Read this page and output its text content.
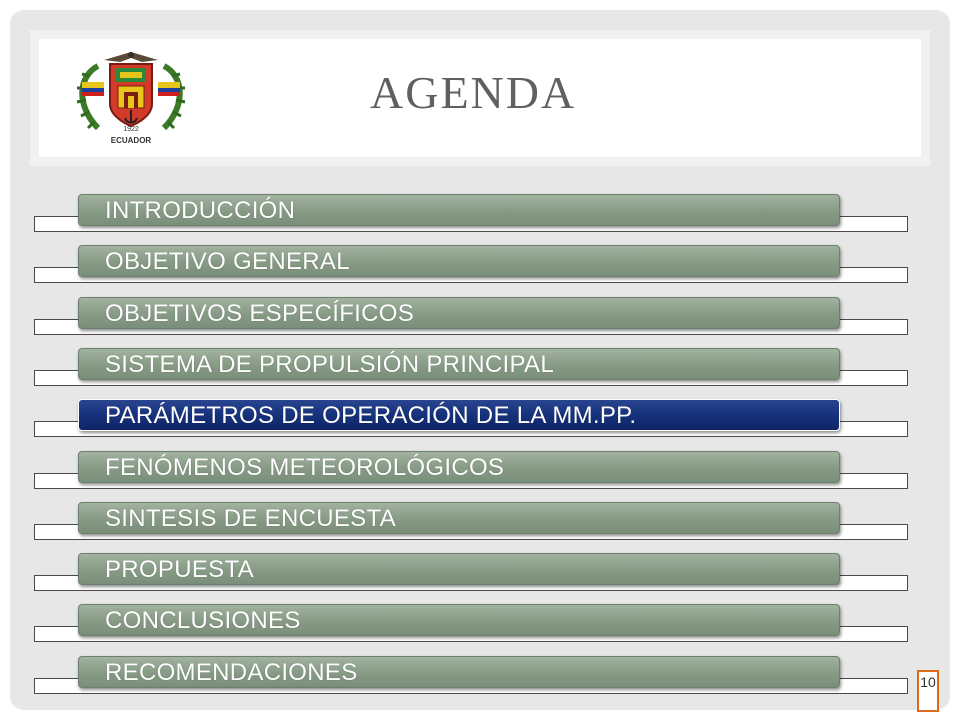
1922
ECUADOR
AGENDA
INTRODUCCIÓN
OBJETIVO GENERAL
OBJETIVOS ESPECÍFICOS
SISTEMA DE PROPULSIÓN PRINCIPAL
PARÁMETROS DE OPERACIÓN DE LA MM.PP.
FENÓMENOS METEOROLÓGICOS
SINTESIS DE ENCUESTA
PROPUESTA
CONCLUSIONES
RECOMENDACIONES	10
